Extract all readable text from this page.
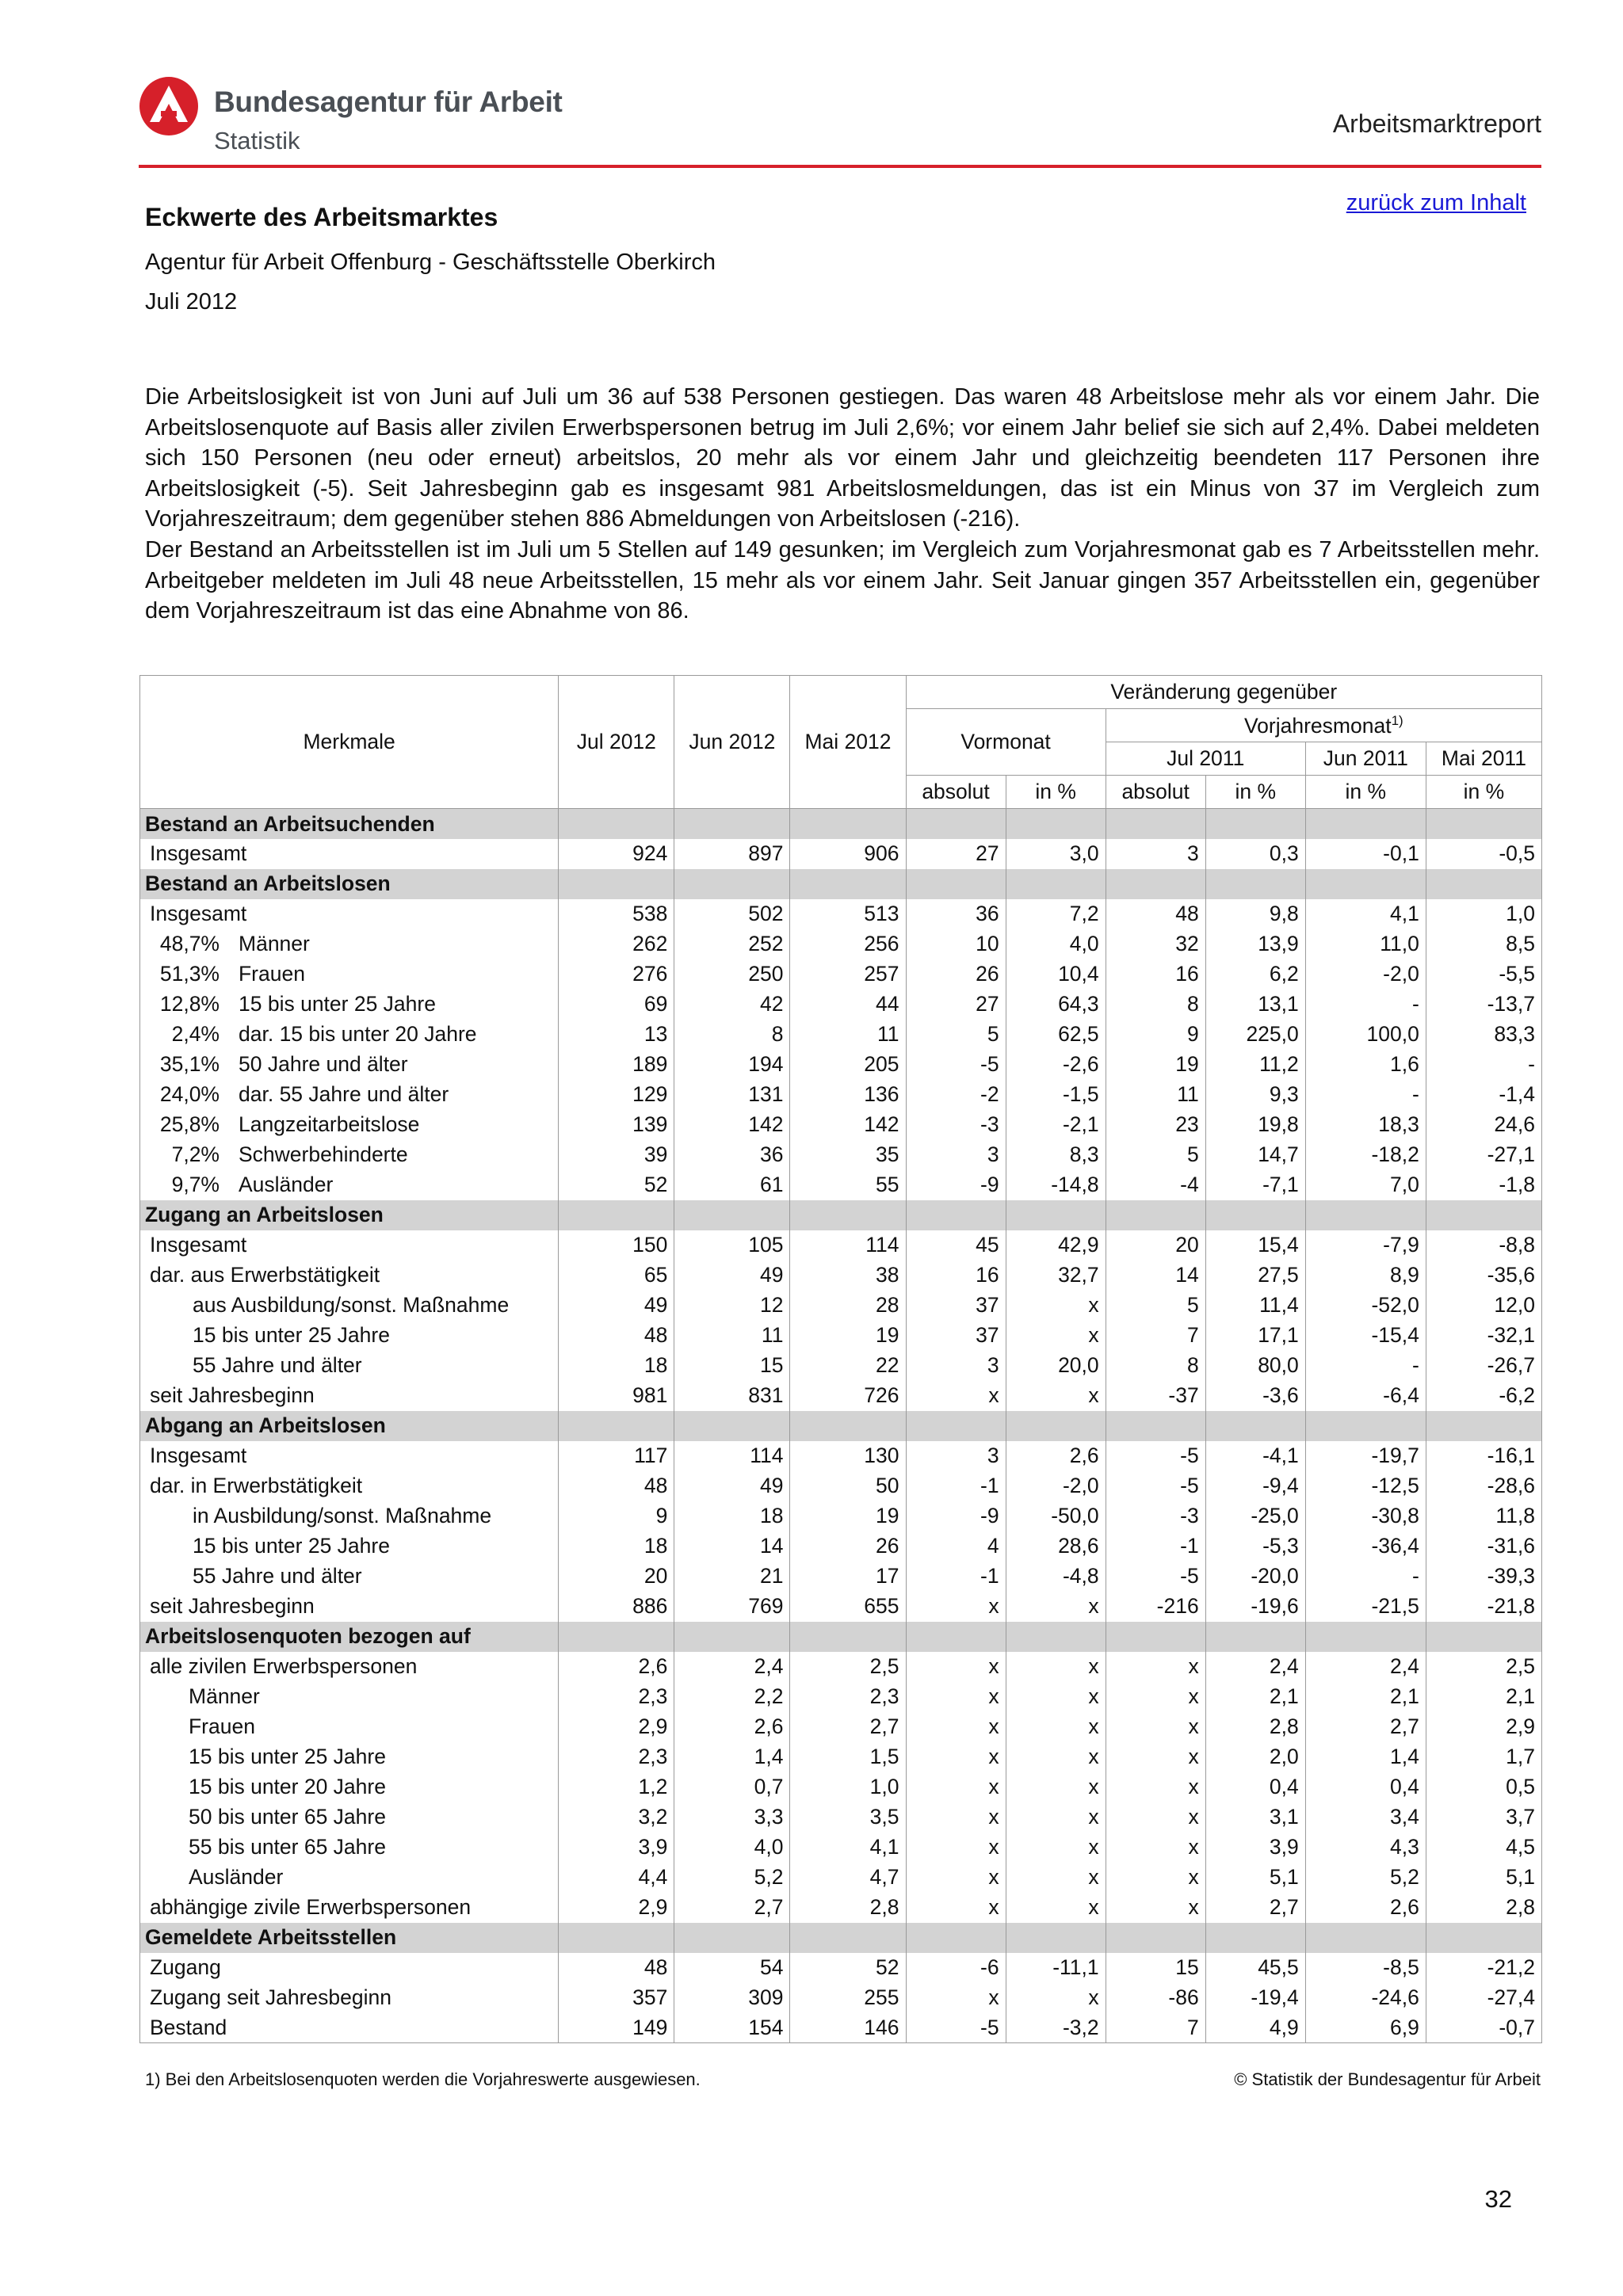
Bundesagentur für Arbeit
Statistik
Arbeitsmarktreport
zurück zum Inhalt
Eckwerte des Arbeitsmarktes
Agentur für Arbeit Offenburg - Geschäftsstelle Oberkirch
Juli 2012

Die Arbeitslosigkeit ist von Juni auf Juli um 36 auf 538 Personen gestiegen. Das waren 48 Arbeitslose mehr als vor einem Jahr. Die Arbeitslosenquote auf Basis aller zivilen Erwerbspersonen betrug im Juli 2,6%; vor einem Jahr belief sie sich auf 2,4%. Dabei meldeten sich 150 Personen (neu oder erneut) arbeitslos, 20 mehr als vor einem Jahr und gleichzeitig beendeten 117 Personen ihre Arbeitslosigkeit (-5). Seit Jahresbeginn gab es insgesamt 981 Arbeitslosmeldungen, das ist ein Minus von 37 im Vergleich zum Vorjahreszeitraum; dem gegenüber stehen 886 Abmeldungen von Arbeitslosen (-216).
Der Bestand an Arbeitsstellen ist im Juli um 5 Stellen auf 149 gesunken; im Vergleich zum Vorjahresmonat gab es 7 Arbeitsstellen mehr. Arbeitgeber meldeten im Juli 48 neue Arbeitsstellen, 15 mehr als vor einem Jahr. Seit Januar gingen 357 Arbeitsstellen ein, gegenüber dem Vorjahreszeitraum ist das eine Abnahme von 86.

Merkmale	Jul 2012	Jun 2012	Mai 2012	Veränderung gegenüber					
				Vormonat		Vorjahresmonat$^{1)}$
						Jul 2011		Jun 2011	Mai 2011
				absolut	in %	absolut	in %	in %	in %
Bestand an Arbeitsuchenden									
Insgesamt	924	897	906	27	3,0	3	0,3	-0,1	-0,5
Bestand an Arbeitslosen									
Insgesamt	538	502	513	36	7,2	48	9,8	4,1	1,0
48,7% Männer	262	252	256	10	4,0	32	13,9	11,0	8,5
51,3% Frauen	276	250	257	26	10,4	16	6,2	-2,0	-5,5
12,8% 15 bis unter 25 Jahre	69	42	44	27	64,3	8	13,1	-	-13,7
2,4% dar. 15 bis unter 20 Jahre	13	8	11	5	62,5	9	225,0	100,0	83,3
35,1% 50 Jahre und älter	189	194	205	-5	-2,6	19	11,2	1,6	-
24,0% dar. 55 Jahre und älter	129	131	136	-2	-1,5	11	9,3	-	-1,4
25,8% Langzeitarbeitslose	139	142	142	-3	-2,1	23	19,8	18,3	24,6
7,2% Schwerbehinderte	39	36	35	3	8,3	5	14,7	-18,2	-27,1
9,7% Ausländer	52	61	55	-9	-14,8	-4	-7,1	7,0	-1,8
Zugang an Arbeitslosen									
Insgesamt	150	105	114	45	42,9	20	15,4	-7,9	-8,8
dar. aus Erwerbstätigkeit	65	49	38	16	32,7	14	27,5	8,9	-35,6
aus Ausbildung/sonst. Maßnahme	49	12	28	37	x	5	11,4	-52,0	12,0
15 bis unter 25 Jahre	48	11	19	37	x	7	17,1	-15,4	-32,1
55 Jahre und älter	18	15	22	3	20,0	8	80,0	-	-26,7
seit Jahresbeginn	981	831	726	x	x	-37	-3,6	-6,4	-6,2
Abgang an Arbeitslosen									
Insgesamt	117	114	130	3	2,6	-5	-4,1	-19,7	-16,1
dar. in Erwerbstätigkeit	48	49	50	-1	-2,0	-5	-9,4	-12,5	-28,6
in Ausbildung/sonst. Maßnahme	9	18	19	-9	-50,0	-3	-25,0	-30,8	11,8
15 bis unter 25 Jahre	18	14	26	4	28,6	-1	-5,3	-36,4	-31,6
55 Jahre und älter	20	21	17	-1	-4,8	-5	-20,0	-	-39,3
seit Jahresbeginn	886	769	655	x	x	-216	-19,6	-21,5	-21,8
Arbeitslosenquoten bezogen auf									
alle zivilen Erwerbspersonen	2,6	2,4	2,5	x	x	x	2,4	2,4	2,5
Männer	2,3	2,2	2,3	x	x	x	2,1	2,1	2,1
Frauen	2,9	2,6	2,7	x	x	x	2,8	2,7	2,9
15 bis unter 25 Jahre	2,3	1,4	1,5	x	x	x	2,0	1,4	1,7
15 bis unter 20 Jahre	1,2	0,7	1,0	x	x	x	0,4	0,4	0,5
50 bis unter 65 Jahre	3,2	3,3	3,5	x	x	x	3,1	3,4	3,7
55 bis unter 65 Jahre	3,9	4,0	4,1	x	x	x	3,9	4,3	4,5
Ausländer	4,4	5,2	4,7	x	x	x	5,1	5,2	5,1
abhängige zivile Erwerbspersonen	2,9	2,7	2,8	x	x	x	2,7	2,6	2,8
Gemeldete Arbeitsstellen									
Zugang	48	54	52	-6	-11,1	15	45,5	-8,5	-21,2
Zugang seit Jahresbeginn	357	309	255	x	x	-86	-19,4	-24,6	-27,4
Bestand	149	154	146	-5	-3,2	7	4,9	6,9	-0,7
1) Bei den Arbeitslosenquoten werden die Vorjahreswerte ausgewiesen.	© Statistik der Bundesagentur für Arbeit
32
